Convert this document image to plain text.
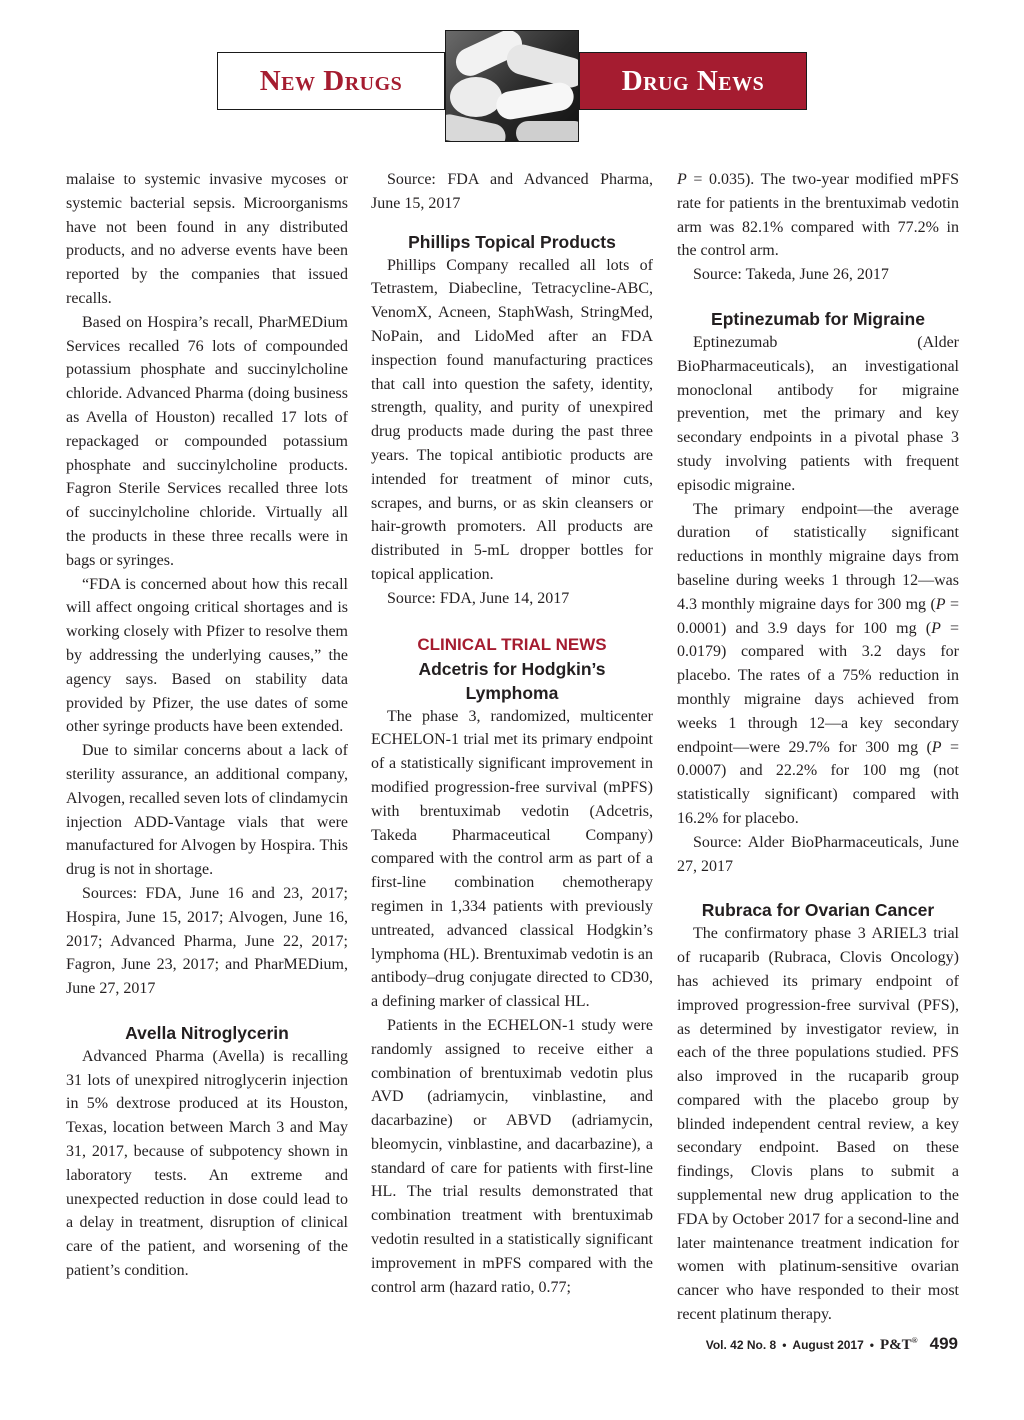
New Drugs	Drug News

malaise to systemic invasive mycoses or systemic bacterial sepsis. Microorganisms have not been found in any distributed products, and no adverse events have been reported by the companies that issued recalls.

Based on Hospira’s recall, PharMEDium Services recalled 76 lots of compounded potassium phosphate and succinylcholine chloride. Advanced Pharma (doing business as Avella of Houston) recalled 17 lots of repackaged or compounded potassium phosphate and succinylcholine products. Fagron Sterile Services recalled three lots of succinylcholine chloride. Virtually all the products in these three recalls were in bags or syringes.

“FDA is concerned about how this recall will affect ongoing critical shortages and is working closely with Pfizer to resolve them by addressing the underlying causes,” the agency says. Based on stability data provided by Pfizer, the use dates of some other syringe products have been extended.

Due to similar concerns about a lack of sterility assurance, an additional company, Alvogen, recalled seven lots of clindamycin injection ADD-Vantage vials that were manufactured for Alvogen by Hospira. This drug is not in shortage.

Sources: FDA, June 16 and 23, 2017; Hospira, June 15, 2017; Alvogen, June 16, 2017; Advanced Pharma, June 22, 2017; Fagron, June 23, 2017; and PharMEDium, June 27, 2017

Avella Nitroglycerin

Advanced Pharma (Avella) is recalling 31 lots of unexpired nitroglycerin injection in 5% dextrose produced at its Houston, Texas, location between March 3 and May 31, 2017, because of subpotency shown in laboratory tests. An extreme and unexpected reduction in dose could lead to a delay in treatment, disruption of clinical care of the patient, and worsening of the patient’s condition.

Source: FDA and Advanced Pharma, June 15, 2017

Phillips Topical Products

Phillips Company recalled all lots of Tetrastem, Diabecline, Tetracycline-ABC, VenomX, Acneen, StaphWash, StringMed, NoPain, and LidoMed after an FDA inspection found manufacturing practices that call into question the safety, identity, strength, quality, and purity of unexpired drug products made during the past three years. The topical antibiotic products are intended for treatment of minor cuts, scrapes, and burns, or as skin cleansers or hair-growth promoters. All products are distributed in 5-mL dropper bottles for topical application.

Source: FDA, June 14, 2017

CLINICAL TRIAL NEWS
Adcetris for Hodgkin’s Lymphoma

The phase 3, randomized, multicenter ECHELON-1 trial met its primary endpoint of a statistically significant improvement in modified progression-free survival (mPFS) with brentuximab vedotin (Adcetris, Takeda Pharmaceutical Company) compared with the control arm as part of a first-line combination chemotherapy regimen in 1,334 patients with previously untreated, advanced classical Hodgkin’s lymphoma (HL). Brentuximab vedotin is an antibody–drug conjugate directed to CD30, a defining marker of classical HL.

Patients in the ECHELON-1 study were randomly assigned to receive either a combination of brentuximab vedotin plus AVD (adriamycin, vinblastine, and dacarbazine) or ABVD (adriamycin, bleomycin, vinblastine, and dacarbazine), a standard of care for patients with first-line HL. The trial results demonstrated that combination treatment with brentuximab vedotin resulted in a statistically significant improvement in mPFS compared with the control arm (hazard ratio, 0.77;

P = 0.035). The two-year modified mPFS rate for patients in the brentuximab vedotin arm was 82.1% compared with 77.2% in the control arm.

Source: Takeda, June 26, 2017

Eptinezumab for Migraine

Eptinezumab (Alder BioPharmaceuticals), an investigational monoclonal antibody for migraine prevention, met the primary and key secondary endpoints in a pivotal phase 3 study involving patients with frequent episodic migraine.

The primary endpoint—the average duration of statistically significant reductions in monthly migraine days from baseline during weeks 1 through 12—was 4.3 monthly migraine days for 300 mg (P = 0.0001) and 3.9 days for 100 mg (P = 0.0179) compared with 3.2 days for placebo. The rates of a 75% reduction in monthly migraine days achieved from weeks 1 through 12—a key secondary endpoint—were 29.7% for 300 mg (P = 0.0007) and 22.2% for 100 mg (not statistically significant) compared with 16.2% for placebo.

Source: Alder BioPharmaceuticals, June 27, 2017

Rubraca for Ovarian Cancer

The confirmatory phase 3 ARIEL3 trial of rucaparib (Rubraca, Clovis Oncology) has achieved its primary endpoint of improved progression-free survival (PFS), as determined by investigator review, in each of the three populations studied. PFS also improved in the rucaparib group compared with the placebo group by blinded independent central review, a key secondary endpoint. Based on these findings, Clovis plans to submit a supplemental new drug application to the FDA by October 2017 for a second-line and later maintenance treatment indication for women with platinum-sensitive ovarian cancer who have responded to their most recent platinum therapy.

Vol. 42 No. 8 • August 2017 • P&T® 499
